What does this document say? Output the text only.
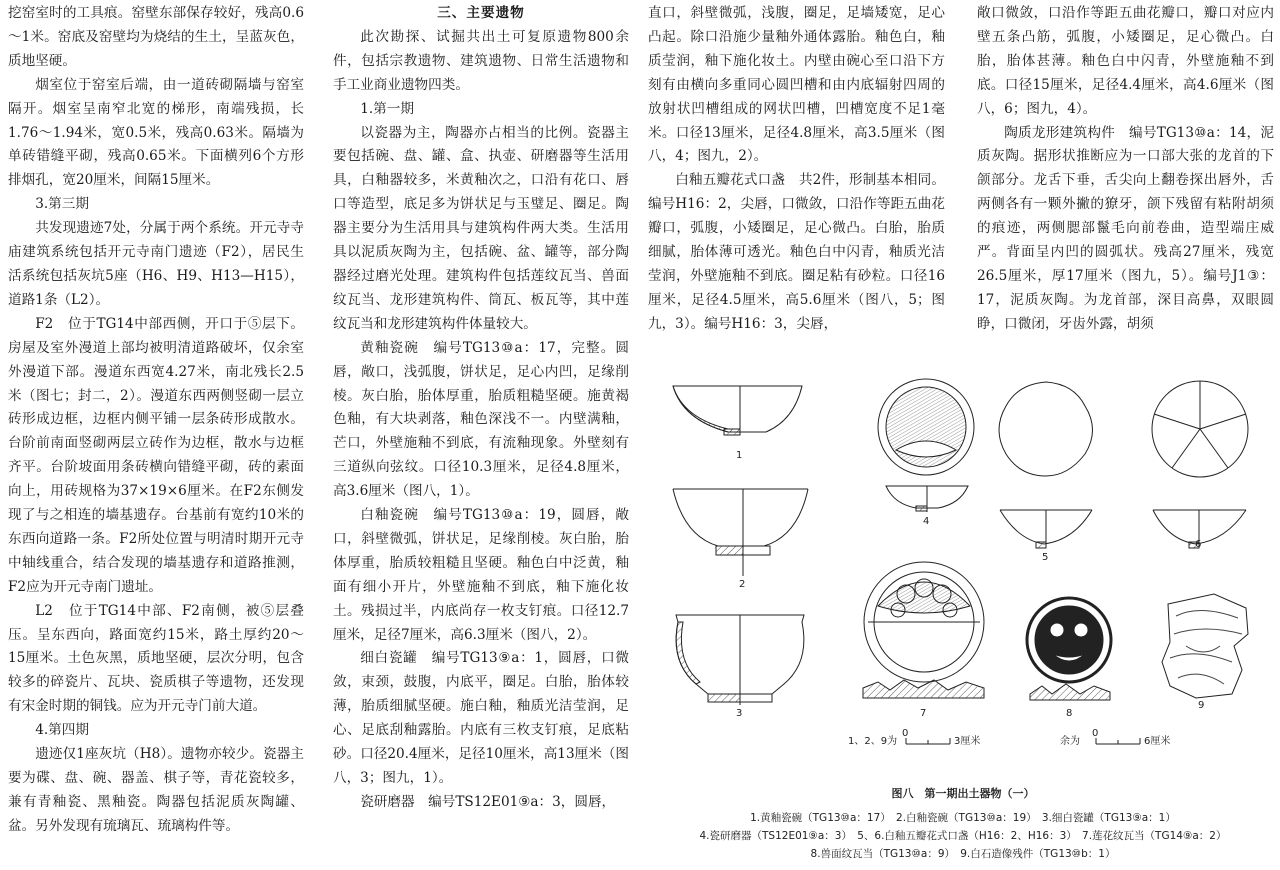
挖窑室时的工具痕。窑壁东部保存较好，残高0.6～1米。窑底及窑壁均为烧结的生土，呈蓝灰色，质地坚硬。

烟室位于窑室后端，由一道砖砌隔墙与窑室隔开。烟室呈南窄北宽的梯形，南端残损，长1.76～1.94米，宽0.5米，残高0.63米。隔墙为单砖错缝平砌，残高0.65米。下面横列6个方形排烟孔，宽20厘米，间隔15厘米。

3.第三期

共发现遗迹7处，分属于两个系统。开元寺寺庙建筑系统包括开元寺南门遗迹（F2），居民生活系统包括灰坑5座（H6、H9、H13—H15），道路1条（L2）。

F2　位于TG14中部西侧，开口于⑤层下。房屋及室外漫道上部均被明清道路破坏，仅余室外漫道下部。漫道东西宽4.27米，南北残长2.5米（图七；封二，2）。漫道东西两侧竖砌一层立砖形成边框，边框内侧平铺一层条砖形成散水。台阶前南面竖砌两层立砖作为边框，散水与边框齐平。台阶坡面用条砖横向错缝平砌，砖的素面向上，用砖规格为37×19×6厘米。在F2东侧发现了与之相连的墙基遗存。台基前有宽约10米的东西向道路一条。F2所处位置与明清时期开元寺中轴线重合，结合发现的墙基遗存和道路推测，F2应为开元寺南门遗址。

L2　位于TG14中部、F2南侧，被⑤层叠压。呈东西向，路面宽约15米，路土厚约20～15厘米。土色灰黑，质地坚硬，层次分明，包含较多的碎瓷片、瓦块、瓷质棋子等遗物，还发现有宋金时期的铜钱。应为开元寺门前大道。

4.第四期

遗迹仅1座灰坑（H8）。遗物亦较少。瓷器主要为碟、盘、碗、器盖、棋子等，青花瓷较多，兼有青釉瓷、黑釉瓷。陶器包括泥质灰陶罐、盆。另外发现有琉璃瓦、琉璃构件等。

三、主要遗物

此次勘探、试掘共出土可复原遗物800余件，包括宗教遗物、建筑遗物、日常生活遗物和手工业商业遗物四类。

1.第一期

以瓷器为主，陶器亦占相当的比例。瓷器主要包括碗、盘、罐、盒、执壶、研磨器等生活用具，白釉器较多，米黄釉次之，口沿有花口、唇口等造型，底足多为饼状足与玉璧足、圈足。陶器主要分为生活用具与建筑构件两大类。生活用具以泥质灰陶为主，包括碗、盆、罐等，部分陶器经过磨光处理。建筑构件包括莲纹瓦当、兽面纹瓦当、龙形建筑构件、筒瓦、板瓦等，其中莲纹瓦当和龙形建筑构件体量较大。

黄釉瓷碗　编号TG13⑩a：17，完整。圆唇，敞口，浅弧腹，饼状足，足心内凹，足缘削棱。灰白胎，胎体厚重，胎质粗糙坚硬。施黄褐色釉，有大块剥落，釉色深浅不一。内壁满釉，芒口，外壁施釉不到底，有流釉现象。外壁刻有三道纵向弦纹。口径10.3厘米，足径4.8厘米，高3.6厘米（图八，1）。

白釉瓷碗　编号TG13⑩a：19，圆唇，敞口，斜壁微弧，饼状足，足缘削棱。灰白胎，胎体厚重，胎质较粗糙且坚硬。釉色白中泛黄，釉面有细小开片，外壁施釉不到底，釉下施化妆土。残损过半，内底尚存一枚支钉痕。口径12.7厘米，足径7厘米，高6.3厘米（图八，2）。

细白瓷罐　编号TG13⑨a：1，圆唇，口微敛，束颈，鼓腹，内底平，圈足。白胎，胎体较薄，胎质细腻坚硬。施白釉，釉质光洁莹润，足心、足底刮釉露胎。内底有三枚支钉痕，足底粘砂。口径20.4厘米，足径10厘米，高13厘米（图八，3；图九，1）。

瓷研磨器　编号TS12E01⑨a：3，圆唇，

直口，斜壁微弧，浅腹，圈足，足墙矮宽，足心凸起。除口沿施少量釉外通体露胎。釉色白，釉质莹润，釉下施化妆土。内壁由碗心至口沿下方刻有由横向多重同心圆凹槽和由内底辐射四周的放射状凹槽组成的网状凹槽，凹槽宽度不足1毫米。口径13厘米，足径4.8厘米，高3.5厘米（图八，4；图九，2）。

白釉五瓣花式口盏　共2件，形制基本相同。编号H16：2，尖唇，口微敛，口沿作等距五曲花瓣口，弧腹，小矮圈足，足心微凸。白胎，胎质细腻，胎体薄可透光。釉色白中闪青，釉质光洁莹润，外壁施釉不到底。圈足粘有砂粒。口径16厘米，足径4.5厘米，高5.6厘米（图八，5；图九，3）。编号H16：3，尖唇，

敞口微敛，口沿作等距五曲花瓣口，瓣口对应内壁五条凸筋，弧腹，小矮圈足，足心微凸。白胎，胎体甚薄。釉色白中闪青，外壁施釉不到底。口径15厘米，足径4.4厘米，高4.6厘米（图八，6；图九，4）。

陶质龙形建筑构件　编号TG13⑩a：14，泥质灰陶。据形状推断应为一口部大张的龙首的下颌部分。龙舌下垂，舌尖向上翻卷探出唇外，舌两侧各有一颗外撇的獠牙，颌下残留有粘附胡须的痕迹，两侧腮部鬣毛向前卷曲，造型端庄威严。背面呈内凹的圆弧状。残高27厘米，残宽26.5厘米，厚17厘米（图九，5）。编号J1③：17，泥质灰陶。为龙首部，深目高鼻，双眼圆睁，口微闭，牙齿外露，胡须

1
2
3
4
5
6
7	8
9
1、2、9为
0
3厘米	余为
0
6厘米
图八　第一期出土器物（一）
1.黄釉瓷碗（TG13⑩a：17）　2.白釉瓷碗（TG13⑩a：19）　3.细白瓷罐（TG13⑨a：1）
4.瓷研磨器（TS12E01⑨a：3）　5、6.白釉五瓣花式口盏（H16：2、H16：3）　7.莲花纹瓦当（TG14⑨a：2）
8.兽面纹瓦当（TG13⑩a：9）　9.白石造像残件（TG13⑩b：1）
